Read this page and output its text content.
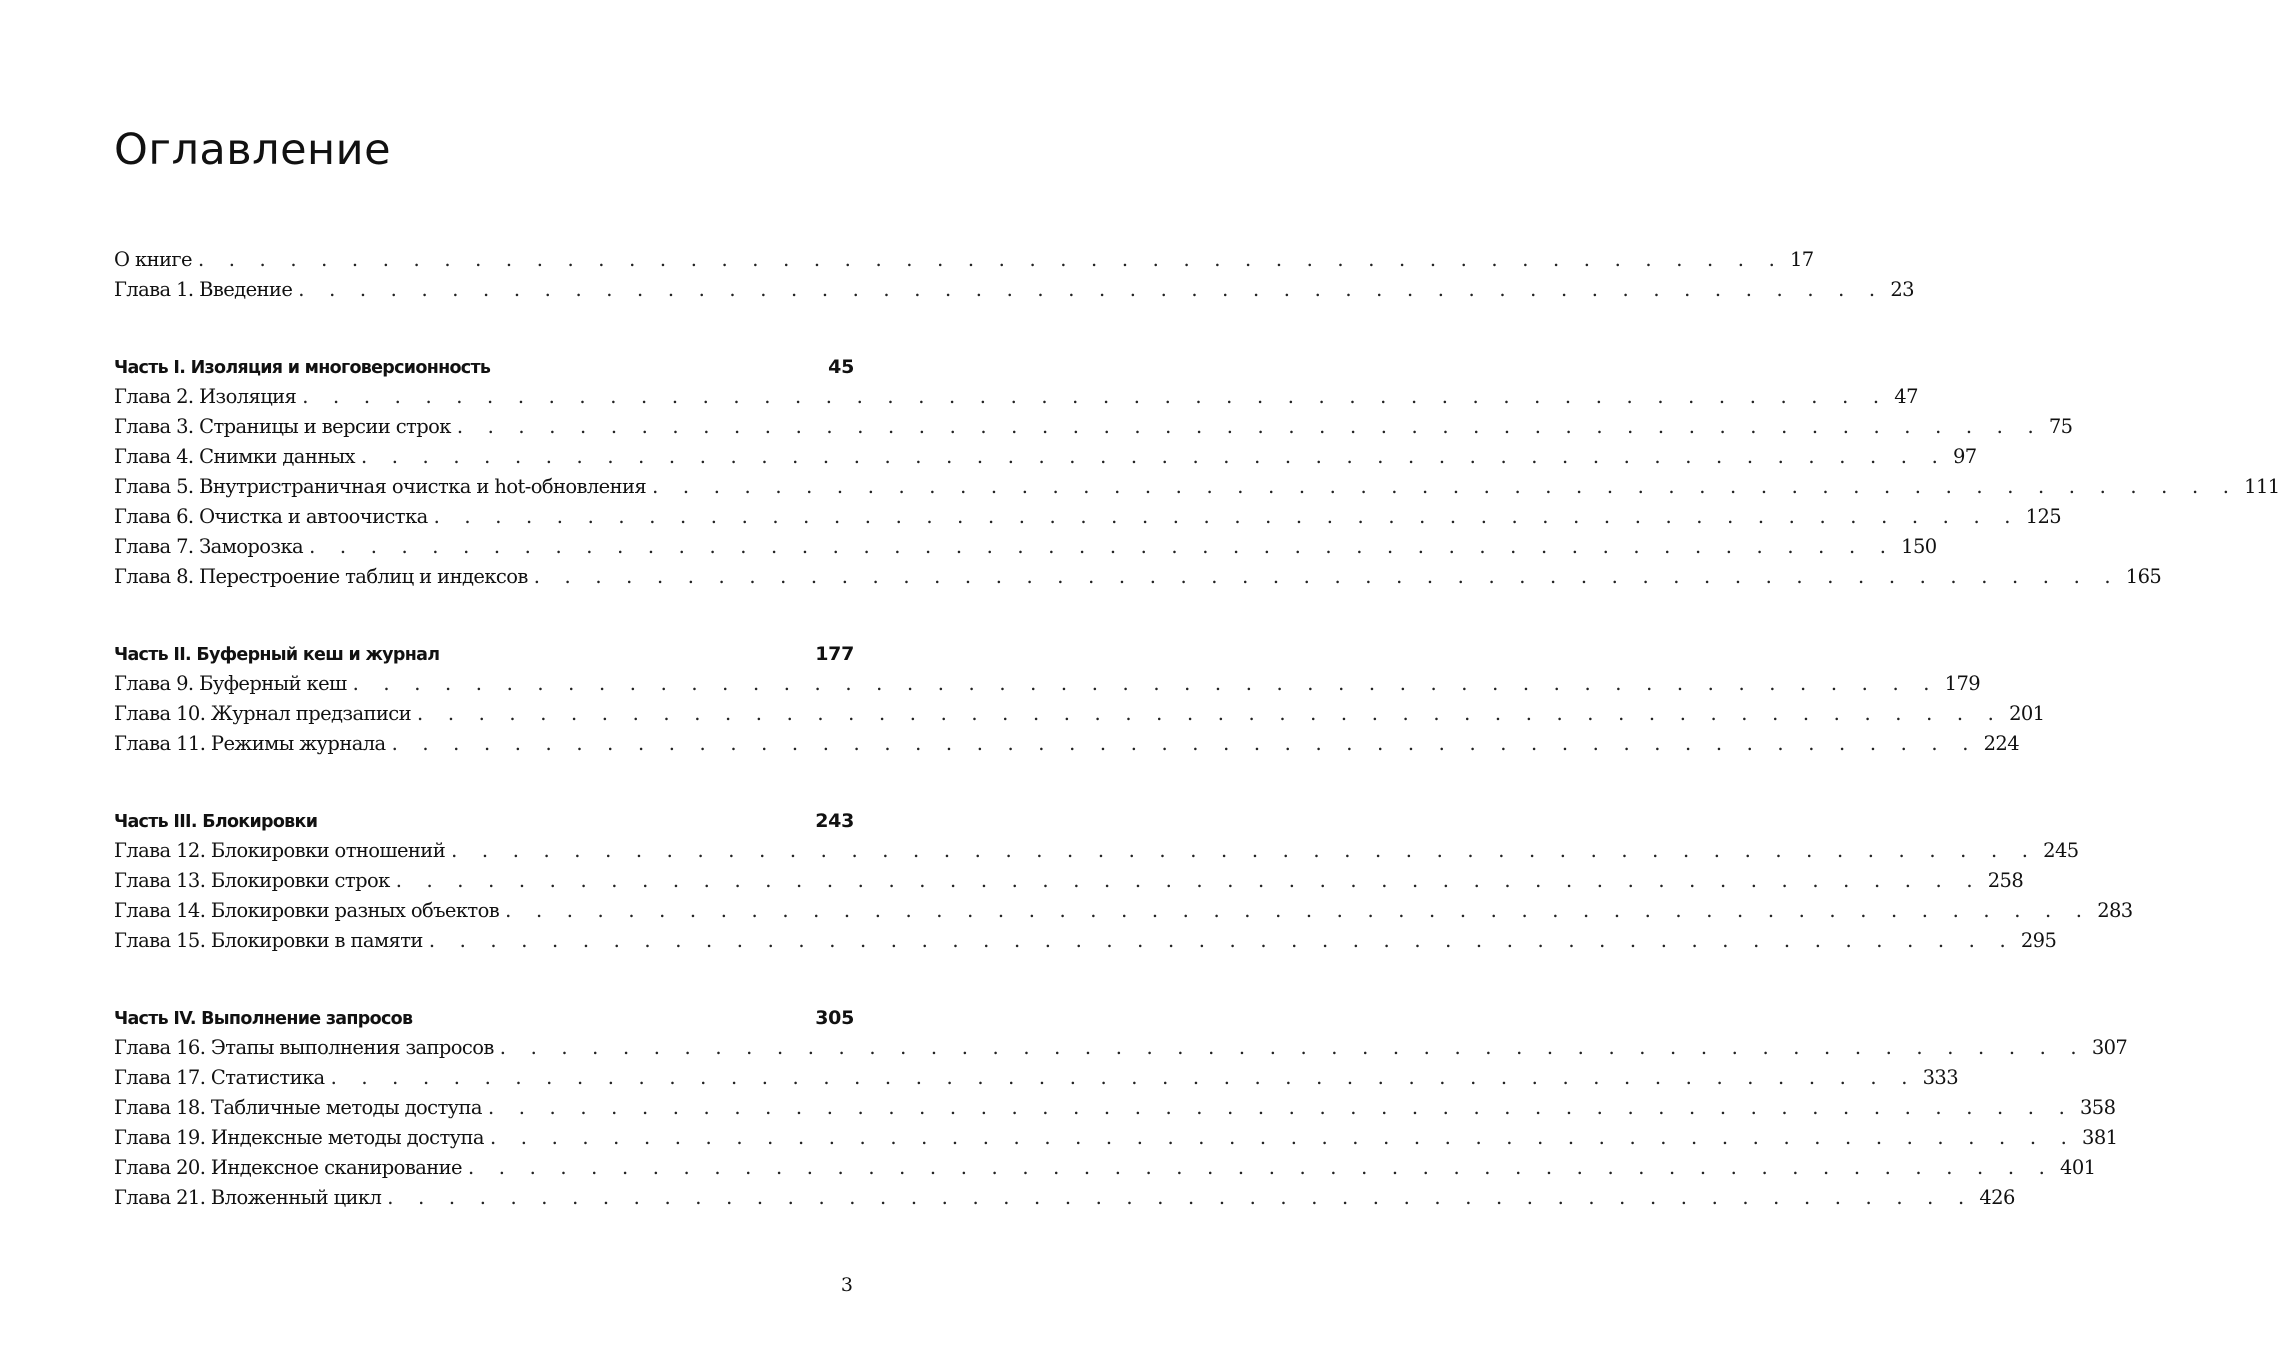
Оглавление
О книге . . . . . . . . . . . . . . . . . . . . . . . . . . . . . . . . . . . . . . . . . . . . . . . . . . . . 17
Глава 1. Введение . . . . . . . . . . . . . . . . . . . . . . . . . . . . . . . . . . . . . . . . . . . . . . . . . . . . 23
Часть I. Изоляция и многоверсионность	45
Глава 2. Изоляция . . . . . . . . . . . . . . . . . . . . . . . . . . . . . . . . . . . . . . . . . . . . . . . . . . . . 47
Глава 3. Страницы и версии строк . . . . . . . . . . . . . . . . . . . . . . . . . . . . . . . . . . . . . . . . . . . . . . . . . . . . 75
Глава 4. Снимки данных . . . . . . . . . . . . . . . . . . . . . . . . . . . . . . . . . . . . . . . . . . . . . . . . . . . . 97
Глава 5. Внутристраничная очистка и hot-обновления . . . . . . . . . . . . . . . . . . . . . . . . . . . . . . . . . . . . . . . . . . . . . . . . . . . . 111
Глава 6. Очистка и автоочистка . . . . . . . . . . . . . . . . . . . . . . . . . . . . . . . . . . . . . . . . . . . . . . . . . . . . 125
Глава 7. Заморозка . . . . . . . . . . . . . . . . . . . . . . . . . . . . . . . . . . . . . . . . . . . . . . . . . . . . 150
Глава 8. Перестроение таблиц и индексов . . . . . . . . . . . . . . . . . . . . . . . . . . . . . . . . . . . . . . . . . . . . . . . . . . . . 165
Часть II. Буферный кеш и журнал	177
Глава 9. Буферный кеш . . . . . . . . . . . . . . . . . . . . . . . . . . . . . . . . . . . . . . . . . . . . . . . . . . . . 179
Глава 10. Журнал предзаписи . . . . . . . . . . . . . . . . . . . . . . . . . . . . . . . . . . . . . . . . . . . . . . . . . . . . 201
Глава 11. Режимы журнала . . . . . . . . . . . . . . . . . . . . . . . . . . . . . . . . . . . . . . . . . . . . . . . . . . . . 224
Часть III. Блокировки	243
Глава 12. Блокировки отношений . . . . . . . . . . . . . . . . . . . . . . . . . . . . . . . . . . . . . . . . . . . . . . . . . . . . 245
Глава 13. Блокировки строк . . . . . . . . . . . . . . . . . . . . . . . . . . . . . . . . . . . . . . . . . . . . . . . . . . . . 258
Глава 14. Блокировки разных объектов . . . . . . . . . . . . . . . . . . . . . . . . . . . . . . . . . . . . . . . . . . . . . . . . . . . . 283
Глава 15. Блокировки в памяти . . . . . . . . . . . . . . . . . . . . . . . . . . . . . . . . . . . . . . . . . . . . . . . . . . . . 295
Часть IV. Выполнение запросов	305
Глава 16. Этапы выполнения запросов . . . . . . . . . . . . . . . . . . . . . . . . . . . . . . . . . . . . . . . . . . . . . . . . . . . . 307
Глава 17. Статистика . . . . . . . . . . . . . . . . . . . . . . . . . . . . . . . . . . . . . . . . . . . . . . . . . . . . 333
Глава 18. Табличные методы доступа . . . . . . . . . . . . . . . . . . . . . . . . . . . . . . . . . . . . . . . . . . . . . . . . . . . . 358
Глава 19. Индексные методы доступа . . . . . . . . . . . . . . . . . . . . . . . . . . . . . . . . . . . . . . . . . . . . . . . . . . . . 381
Глава 20. Индексное сканирование . . . . . . . . . . . . . . . . . . . . . . . . . . . . . . . . . . . . . . . . . . . . . . . . . . . . 401
Глава 21. Вложенный цикл . . . . . . . . . . . . . . . . . . . . . . . . . . . . . . . . . . . . . . . . . . . . . . . . . . . . 426
3
